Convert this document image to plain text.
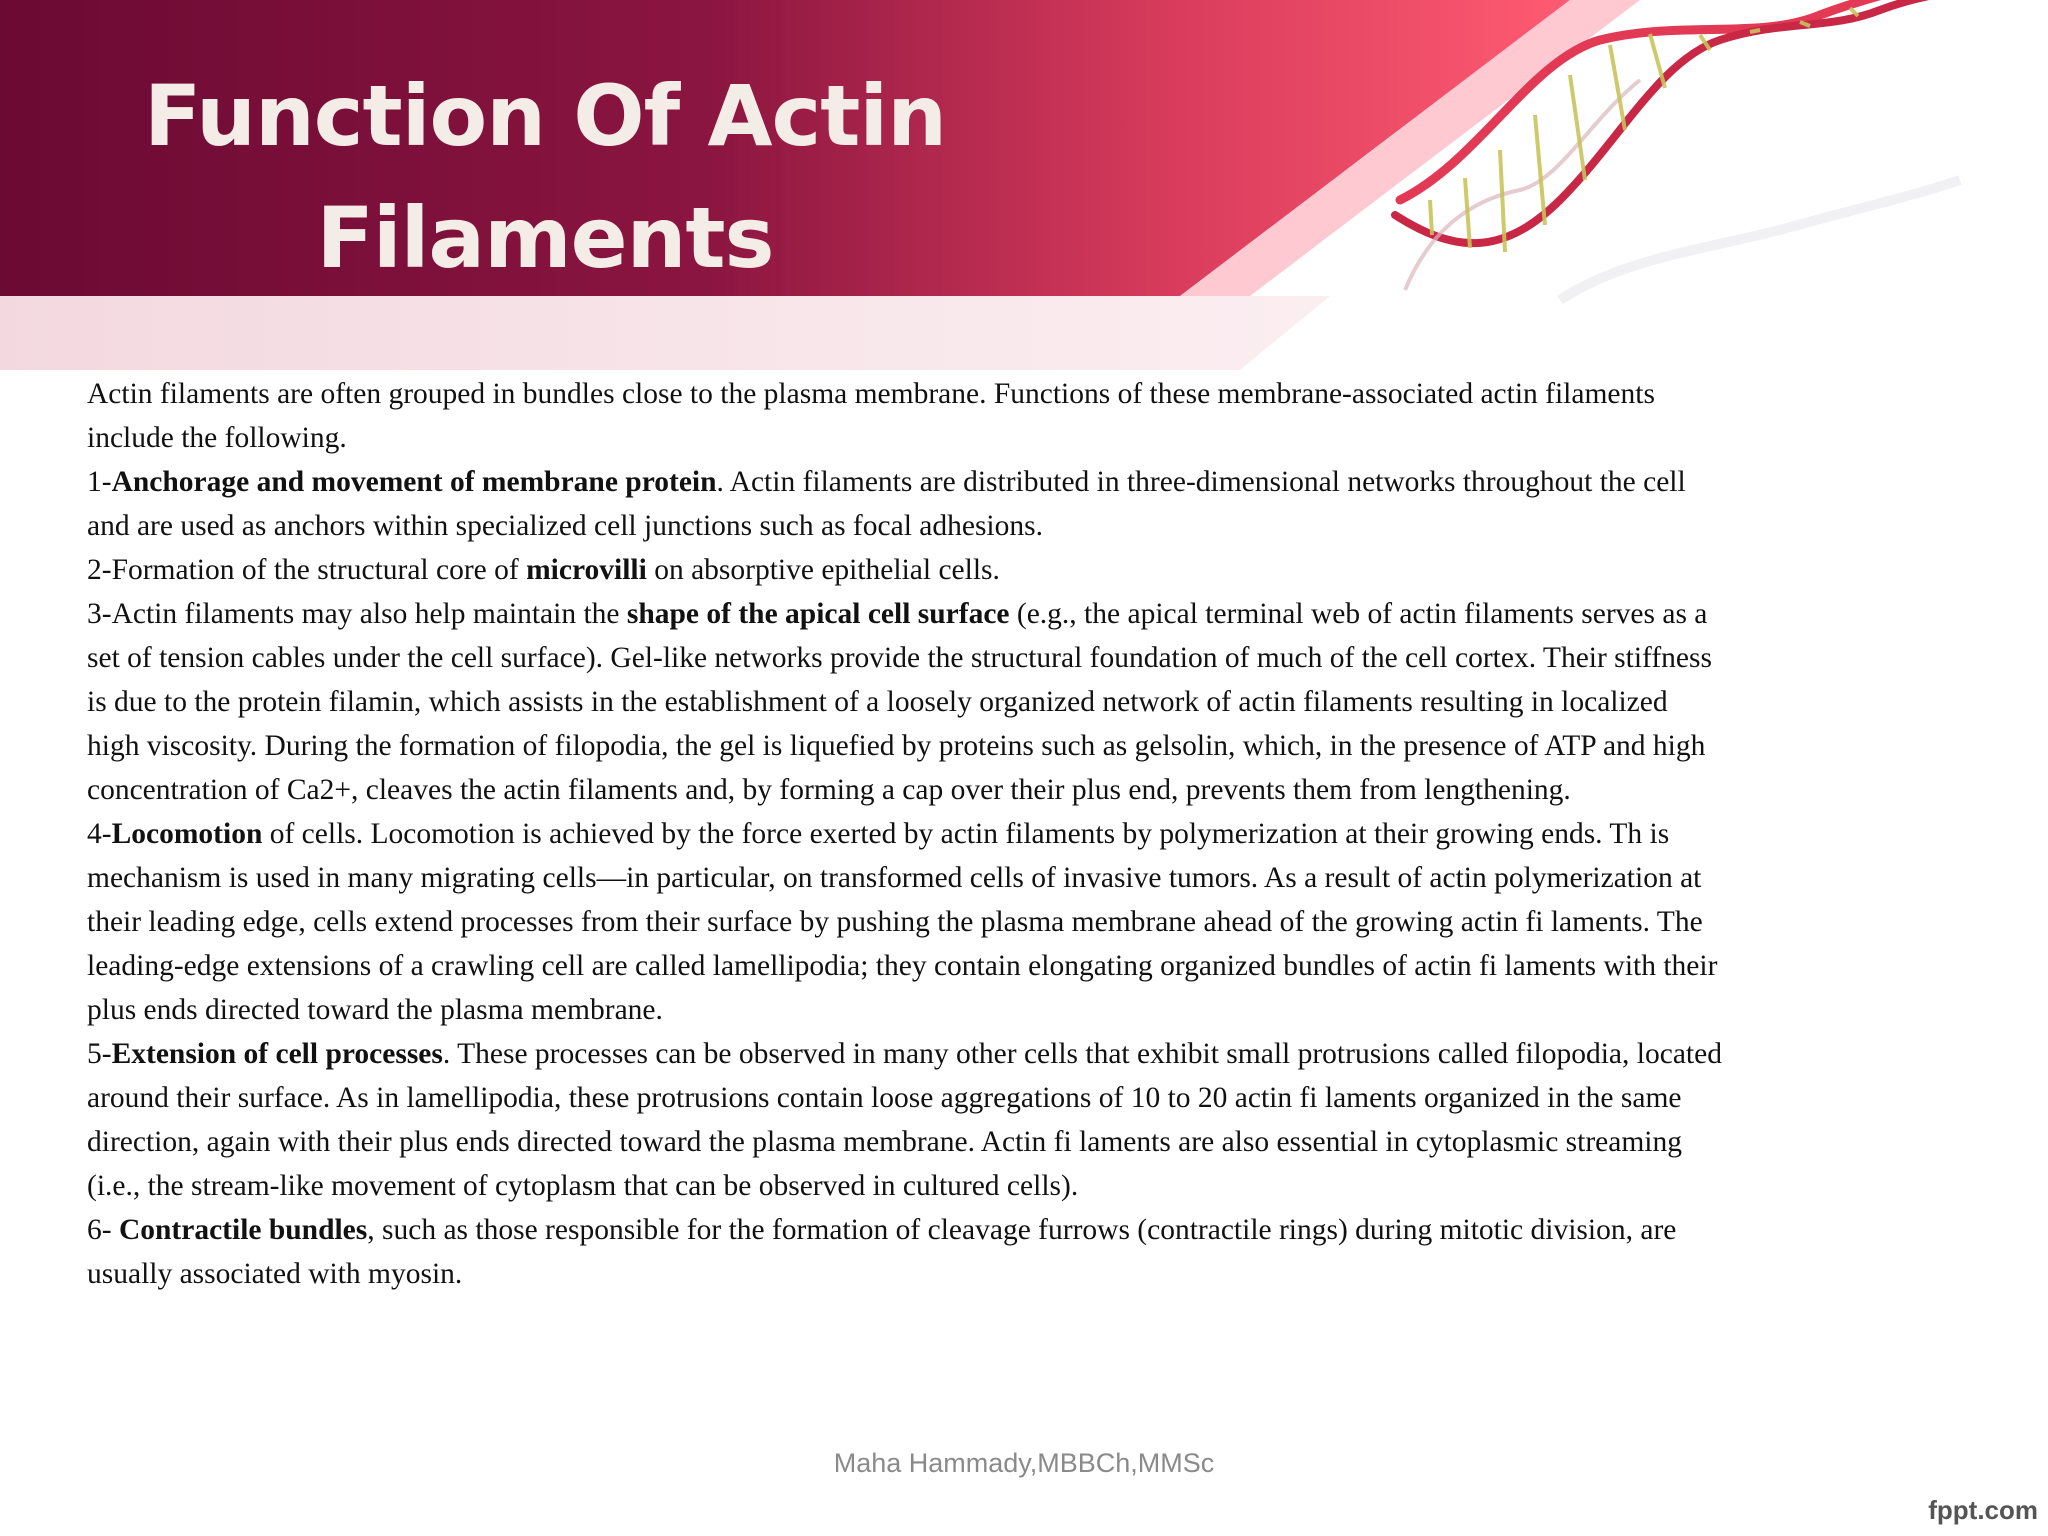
Function Of Actin Filaments

Actin filaments are often grouped in bundles close to the plasma membrane. Functions of these membrane-associated actin filaments include the following.

1-Anchorage and movement of membrane protein. Actin filaments are distributed in three-dimensional networks throughout the cell and are used as anchors within specialized cell junctions such as focal adhesions.

2-Formation of the structural core of microvilli on absorptive epithelial cells.

3-Actin filaments may also help maintain the shape of the apical cell surface (e.g., the apical terminal web of actin filaments serves as a set of tension cables under the cell surface). Gel-like networks provide the structural foundation of much of the cell cortex. Their stiffness is due to the protein filamin, which assists in the establishment of a loosely organized network of actin filaments resulting in localized high viscosity. During the formation of filopodia, the gel is liquefied by proteins such as gelsolin, which, in the presence of ATP and high concentration of Ca2+, cleaves the actin filaments and, by forming a cap over their plus end, prevents them from lengthening.

4-Locomotion of cells. Locomotion is achieved by the force exerted by actin filaments by polymerization at their growing ends. Th is mechanism is used in many migrating cells—in particular, on transformed cells of invasive tumors. As a result of actin polymerization at their leading edge, cells extend processes from their surface by pushing the plasma membrane ahead of the growing actin fi laments. The leading-edge extensions of a crawling cell are called lamellipodia; they contain elongating organized bundles of actin fi laments with their plus ends directed toward the plasma membrane.

5-Extension of cell processes. These processes can be observed in many other cells that exhibit small protrusions called filopodia, located around their surface. As in lamellipodia, these protrusions contain loose aggregations of 10 to 20 actin fi laments organized in the same direction, again with their plus ends directed toward the plasma membrane. Actin fi laments are also essential in cytoplasmic streaming (i.e., the stream-like movement of cytoplasm that can be observed in cultured cells).

6- Contractile bundles, such as those responsible for the formation of cleavage furrows (contractile rings) during mitotic division, are usually associated with myosin.

Maha Hammady,MBBCh,MMSc
fppt.com
